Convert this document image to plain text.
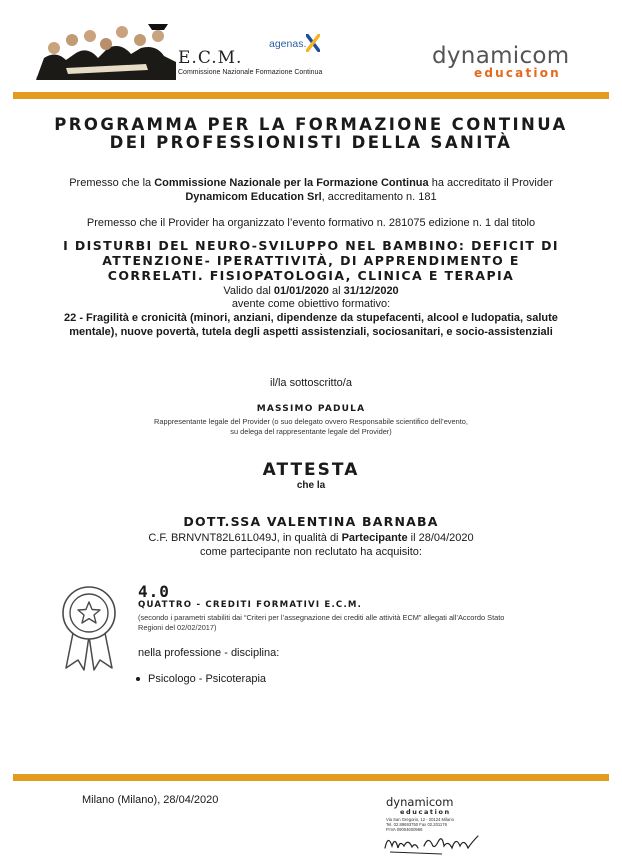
E.C.M.
Commissione Nazionale Formazione Continua
agenas.	dynamicom
education
PROGRAMMA PER LA FORMAZIONE CONTINUA
DEI PROFESSIONISTI DELLA SANITÀ
Premesso che la Commissione Nazionale per la Formazione Continua ha accreditato il Provider
Dynamicom Education Srl, accreditamento n. 181
Premesso che il Provider ha organizzato l’evento formativo n. 281075 edizione n. 1 dal titolo
I DISTURBI DEL NEURO-SVILUPPO NEL BAMBINO: DEFICIT DI
ATTENZIONE- IPERATTIVITÀ, DI APPRENDIMENTO E
CORRELATI. FISIOPATOLOGIA, CLINICA E TERAPIA
Valido dal 01/01/2020 al 31/12/2020
avente come obiettivo formativo:
22 - Fragilità e cronicità (minori, anziani, dipendenze da stupefacenti, alcool e ludopatia, salute
mentale), nuove povertà, tutela degli aspetti assistenziali, sociosanitari, e socio-assistenziali
il/la sottoscritto/a
MASSIMO PADULA
Rappresentante legale del Provider (o suo delegato ovvero Responsabile scientifico dell’evento,
su delega del rappresentante legale del Provider)
ATTESTA
che la
DOTT.SSA VALENTINA BARNABA
C.F. BRNVNT82L61L049J, in qualità di Partecipante il 28/04/2020
come partecipante non reclutato ha acquisito:
4.0
QUATTRO - CREDITI FORMATIVI E.C.M.
(secondo i parametri stabiliti dai “Criteri per l’assegnazione dei crediti alle attività ECM” allegati all’Accordo Stato
Regioni del 02/02/2017)
nella professione - disciplina:
Psicologo - Psicoterapia
Milano (Milano), 28/04/2020	dynamicom
education
Via San Gregorio, 12 - 20124 Milano
Tel. 02.89693750 Fax 02.201176
P.IVA 09004600966
